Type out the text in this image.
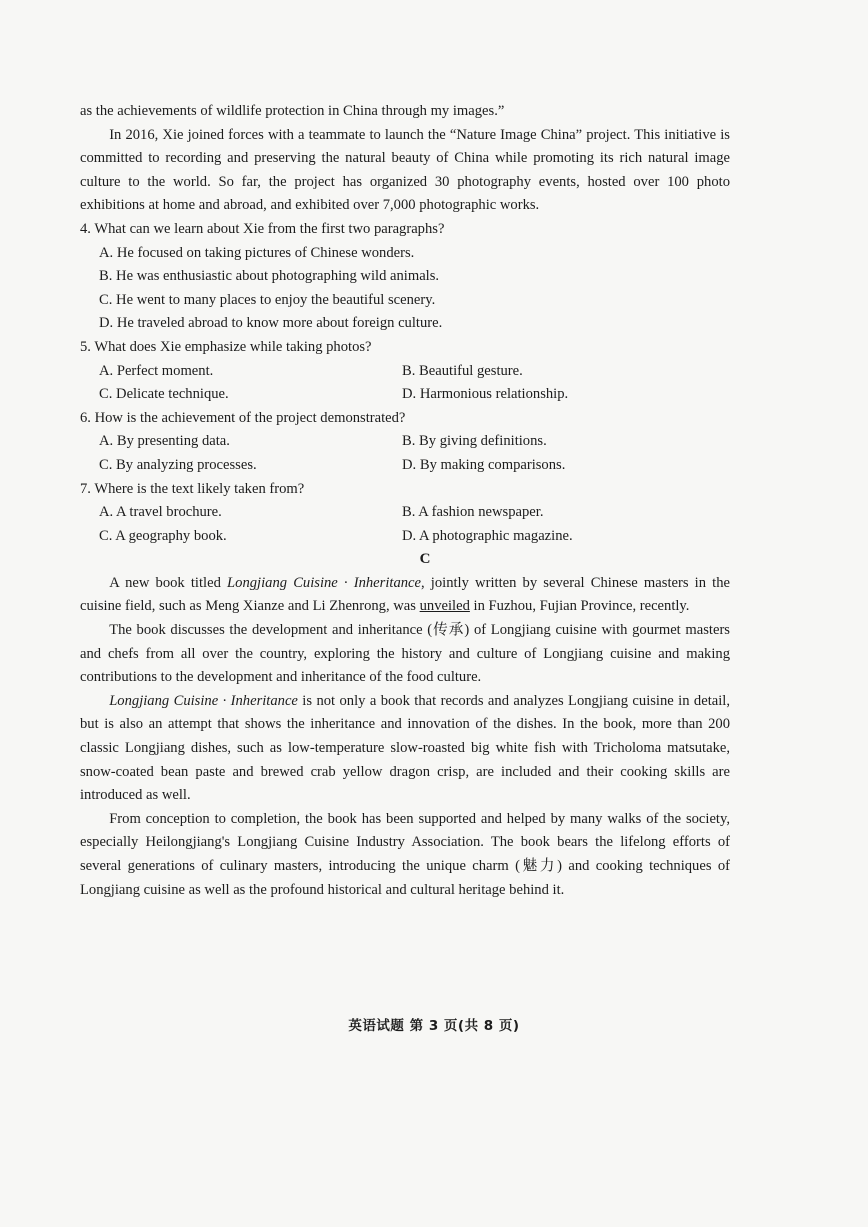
as the achievements of wildlife protection in China through my images.”

In 2016, Xie joined forces with a teammate to launch the “Nature Image China” project. This initiative is committed to recording and preserving the natural beauty of China while promoting its rich natural image culture to the world. So far, the project has organized 30 photography events, hosted over 100 photo exhibitions at home and abroad, and exhibited over 7,000 photographic works.

4. What can we learn about Xie from the first two paragraphs?

A. He focused on taking pictures of Chinese wonders.

B. He was enthusiastic about photographing wild animals.

C. He went to many places to enjoy the beautiful scenery.

D. He traveled abroad to know more about foreign culture.

5. What does Xie emphasize while taking photos?

A. Perfect moment.	B. Beautiful gesture.
C. Delicate technique.	D. Harmonious relationship.

6. How is the achievement of the project demonstrated?

A. By presenting data.	B. By giving definitions.
C. By analyzing processes.	D. By making comparisons.

7. Where is the text likely taken from?

A. A travel brochure.	B. A fashion newspaper.
C. A geography book.	D. A photographic magazine.
C

A new book titled Longjiang Cuisine · Inheritance, jointly written by several Chinese masters in the cuisine field, such as Meng Xianze and Li Zhenrong, was unveiled in Fuzhou, Fujian Province, recently.

The book discusses the development and inheritance (传承) of Longjiang cuisine with gourmet masters and chefs from all over the country, exploring the history and culture of Longjiang cuisine and making contributions to the development and inheritance of the food culture.

Longjiang Cuisine · Inheritance is not only a book that records and analyzes Longjiang cuisine in detail, but is also an attempt that shows the inheritance and innovation of the dishes. In the book, more than 200 classic Longjiang dishes, such as low-temperature slow-roasted big white fish with Tricholoma matsutake, snow-coated bean paste and brewed crab yellow dragon crisp, are included and their cooking skills are introduced as well.

From conception to completion, the book has been supported and helped by many walks of the society, especially Heilongjiang's Longjiang Cuisine Industry Association. The book bears the lifelong efforts of several generations of culinary masters, introducing the unique charm (魅力) and cooking techniques of Longjiang cuisine as well as the profound historical and cultural heritage behind it.

英语试题 第 3 页(共 8 页)
